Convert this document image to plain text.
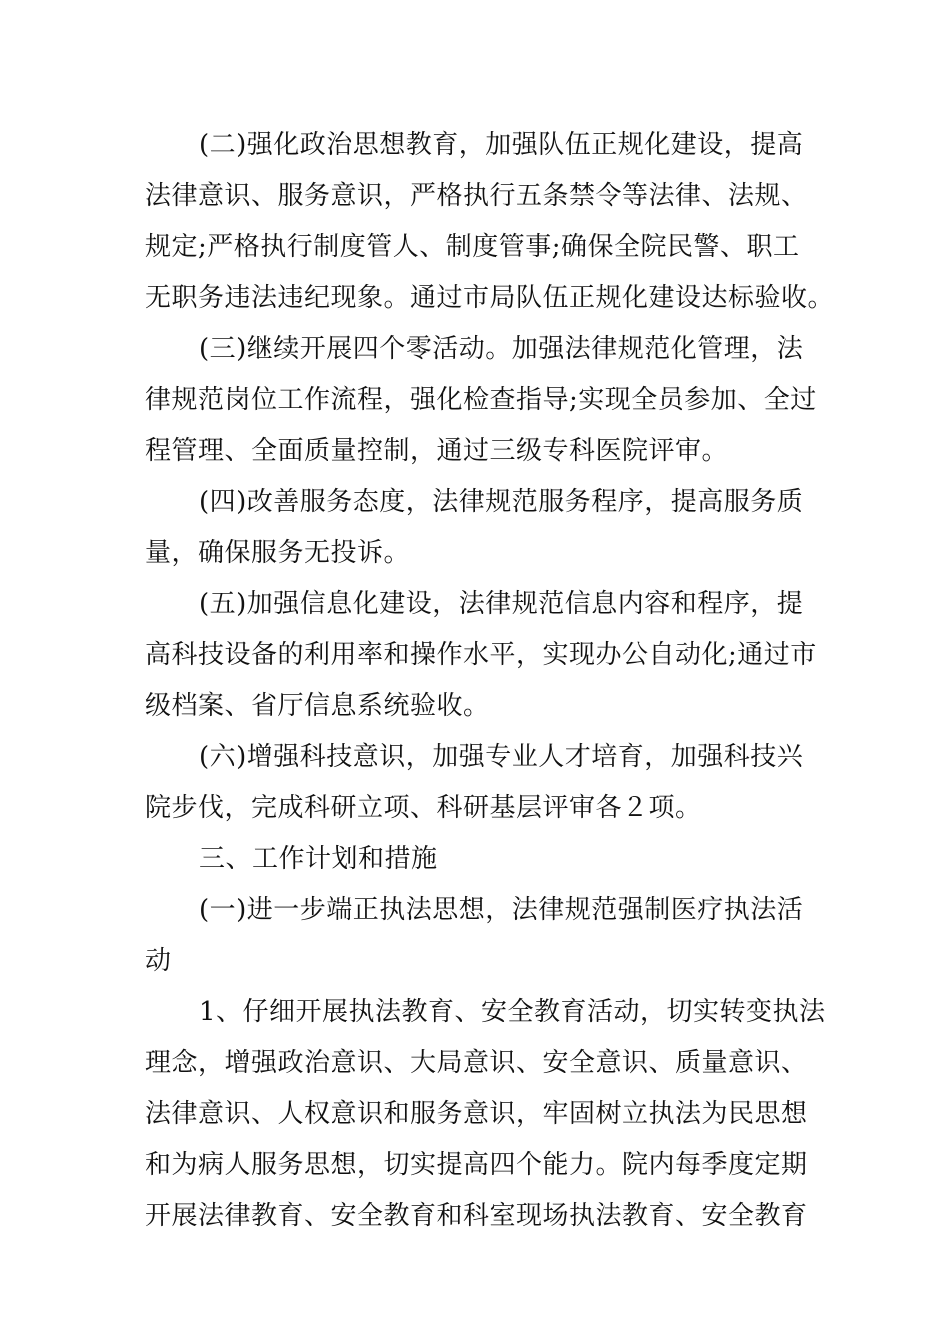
(二)强化政治思想教育，加强队伍正规化建设，提高
法律意识、服务意识，严格执行五条禁令等法律、法规、
规定;严格执行制度管人、制度管事;确保全院民警、职工
无职务违法违纪现象。通过市局队伍正规化建设达标验收。

(三)继续开展四个零活动。加强法律规范化管理，法
律规范岗位工作流程，强化检查指导;实现全员参加、全过
程管理、全面质量控制，通过三级专科医院评审。

(四)改善服务态度，法律规范服务程序，提高服务质
量，确保服务无投诉。

(五)加强信息化建设，法律规范信息内容和程序，提
高科技设备的利用率和操作水平，实现办公自动化;通过市
级档案、省厅信息系统验收。

(六)增强科技意识，加强专业人才培育，加强科技兴
院步伐，完成科研立项、科研基层评审各２项。

三、工作计划和措施

(一)进一步端正执法思想，法律规范强制医疗执法活
动

1、仔细开展执法教育、安全教育活动，切实转变执法
理念，增强政治意识、大局意识、安全意识、质量意识、
法律意识、人权意识和服务意识，牢固树立执法为民思想
和为病人服务思想，切实提高四个能力。院内每季度定期
开展法律教育、安全教育和科室现场执法教育、安全教育
